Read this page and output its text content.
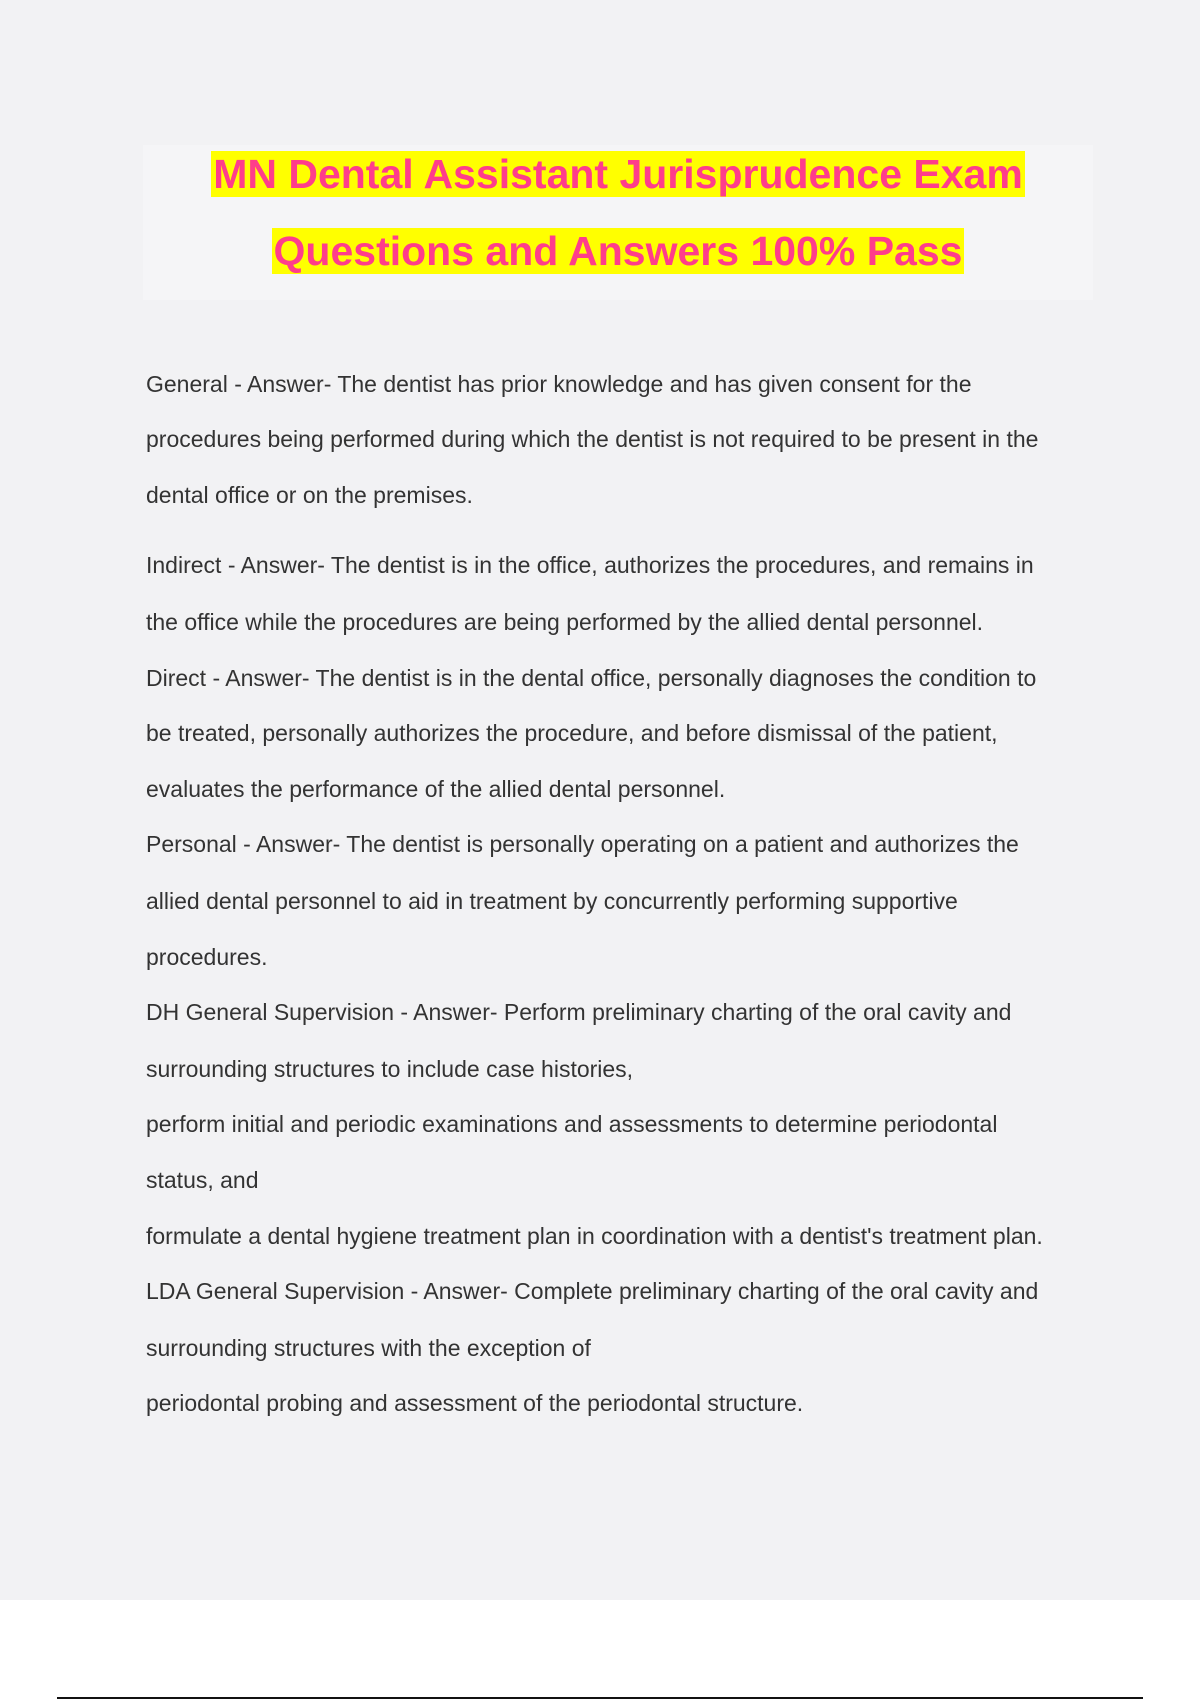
MN Dental Assistant Jurisprudence Exam
Questions and Answers 100% Pass
General - Answer- The dentist has prior knowledge and has given consent for the
procedures being performed during which the dentist is not required to be present in the
dental office or on the premises.
Indirect - Answer- The dentist is in the office, authorizes the procedures, and remains in
the office while the procedures are being performed by the allied dental personnel.
Direct - Answer- The dentist is in the dental office, personally diagnoses the condition to
be treated, personally authorizes the procedure, and before dismissal of the patient,
evaluates the performance of the allied dental personnel.
Personal - Answer- The dentist is personally operating on a patient and authorizes the
allied dental personnel to aid in treatment by concurrently performing supportive
procedures.
DH General Supervision - Answer- Perform preliminary charting of the oral cavity and
surrounding structures to include case histories,
perform initial and periodic examinations and assessments to determine periodontal
status, and
formulate a dental hygiene treatment plan in coordination with a dentist's treatment plan.
LDA General Supervision - Answer- Complete preliminary charting of the oral cavity and
surrounding structures with the exception of
periodontal probing and assessment of the periodontal structure.
